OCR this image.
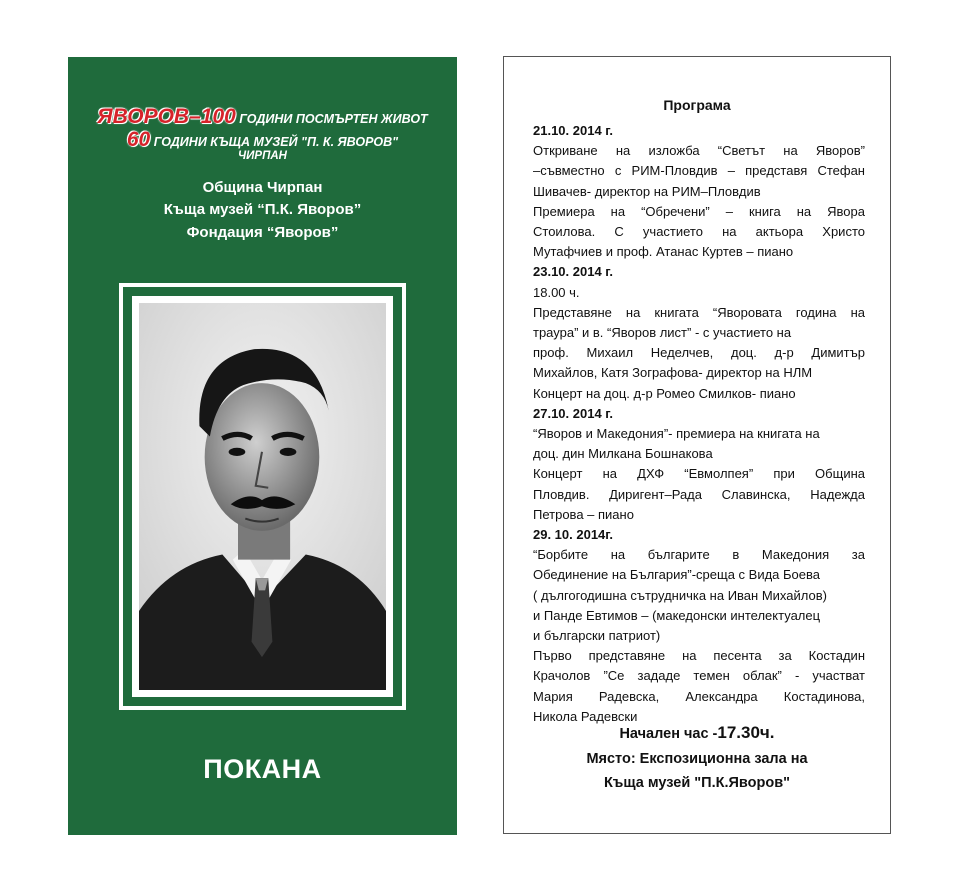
ЯВОРОВ–100 ГОДИНИ ПОСМЪРТЕН ЖИВОТ
60 ГОДИНИ КЪЩА МУЗЕЙ "П. К. ЯВОРОВ"
ЧИРПАН
Община Чирпан
Къща музей “П.К. Яворов”
Фондация “Яворов”
ПОКАНА
Програма
21.10. 2014 г.
Откриване на изложба “Светът на Яворов”
–съвместно с РИМ-Пловдив – представя Стефан
Шивачев- директор на РИМ–Пловдив
Премиера на “Обречени” – книга на Явора
Стоилова. С участието на актьора Христо
Мутафчиев и проф. Атанас Куртев – пиано
23.10. 2014 г.
18.00 ч.
Представяне на книгата “Яворовата година на
траура” и в. “Яворов лист” - с участието на
проф. Михаил Неделчев, доц. д-р Димитър
Михайлов, Катя Зографова- директор на НЛМ
Концерт на доц. д-р Ромео Смилков- пиано
27.10. 2014 г.
“Яворов и Македония”- премиера на книгата на
доц. дин Милкана Бошнакова
Концерт на ДХФ “Евмолпея” при Община
Пловдив. Диригент–Рада Славинска, Надежда
Петрова – пиано
29. 10. 2014г.
“Борбите на българите в Македония за
Обединение на България”-среща с Вида Боева
( дългогодишна сътрудничка на Иван Михайлов)
и Панде Евтимов – (македонски интелектуалец
и български патриот)
Първо представяне на песента за Костадин
Крачолов ”Се зададе темен облак” - участват
Мария Радевска, Александра Костадинова,
Никола Радевски
Начален час -17.30ч.
Място: Експозиционна зала на
Къща музей "П.К.Яворов"
